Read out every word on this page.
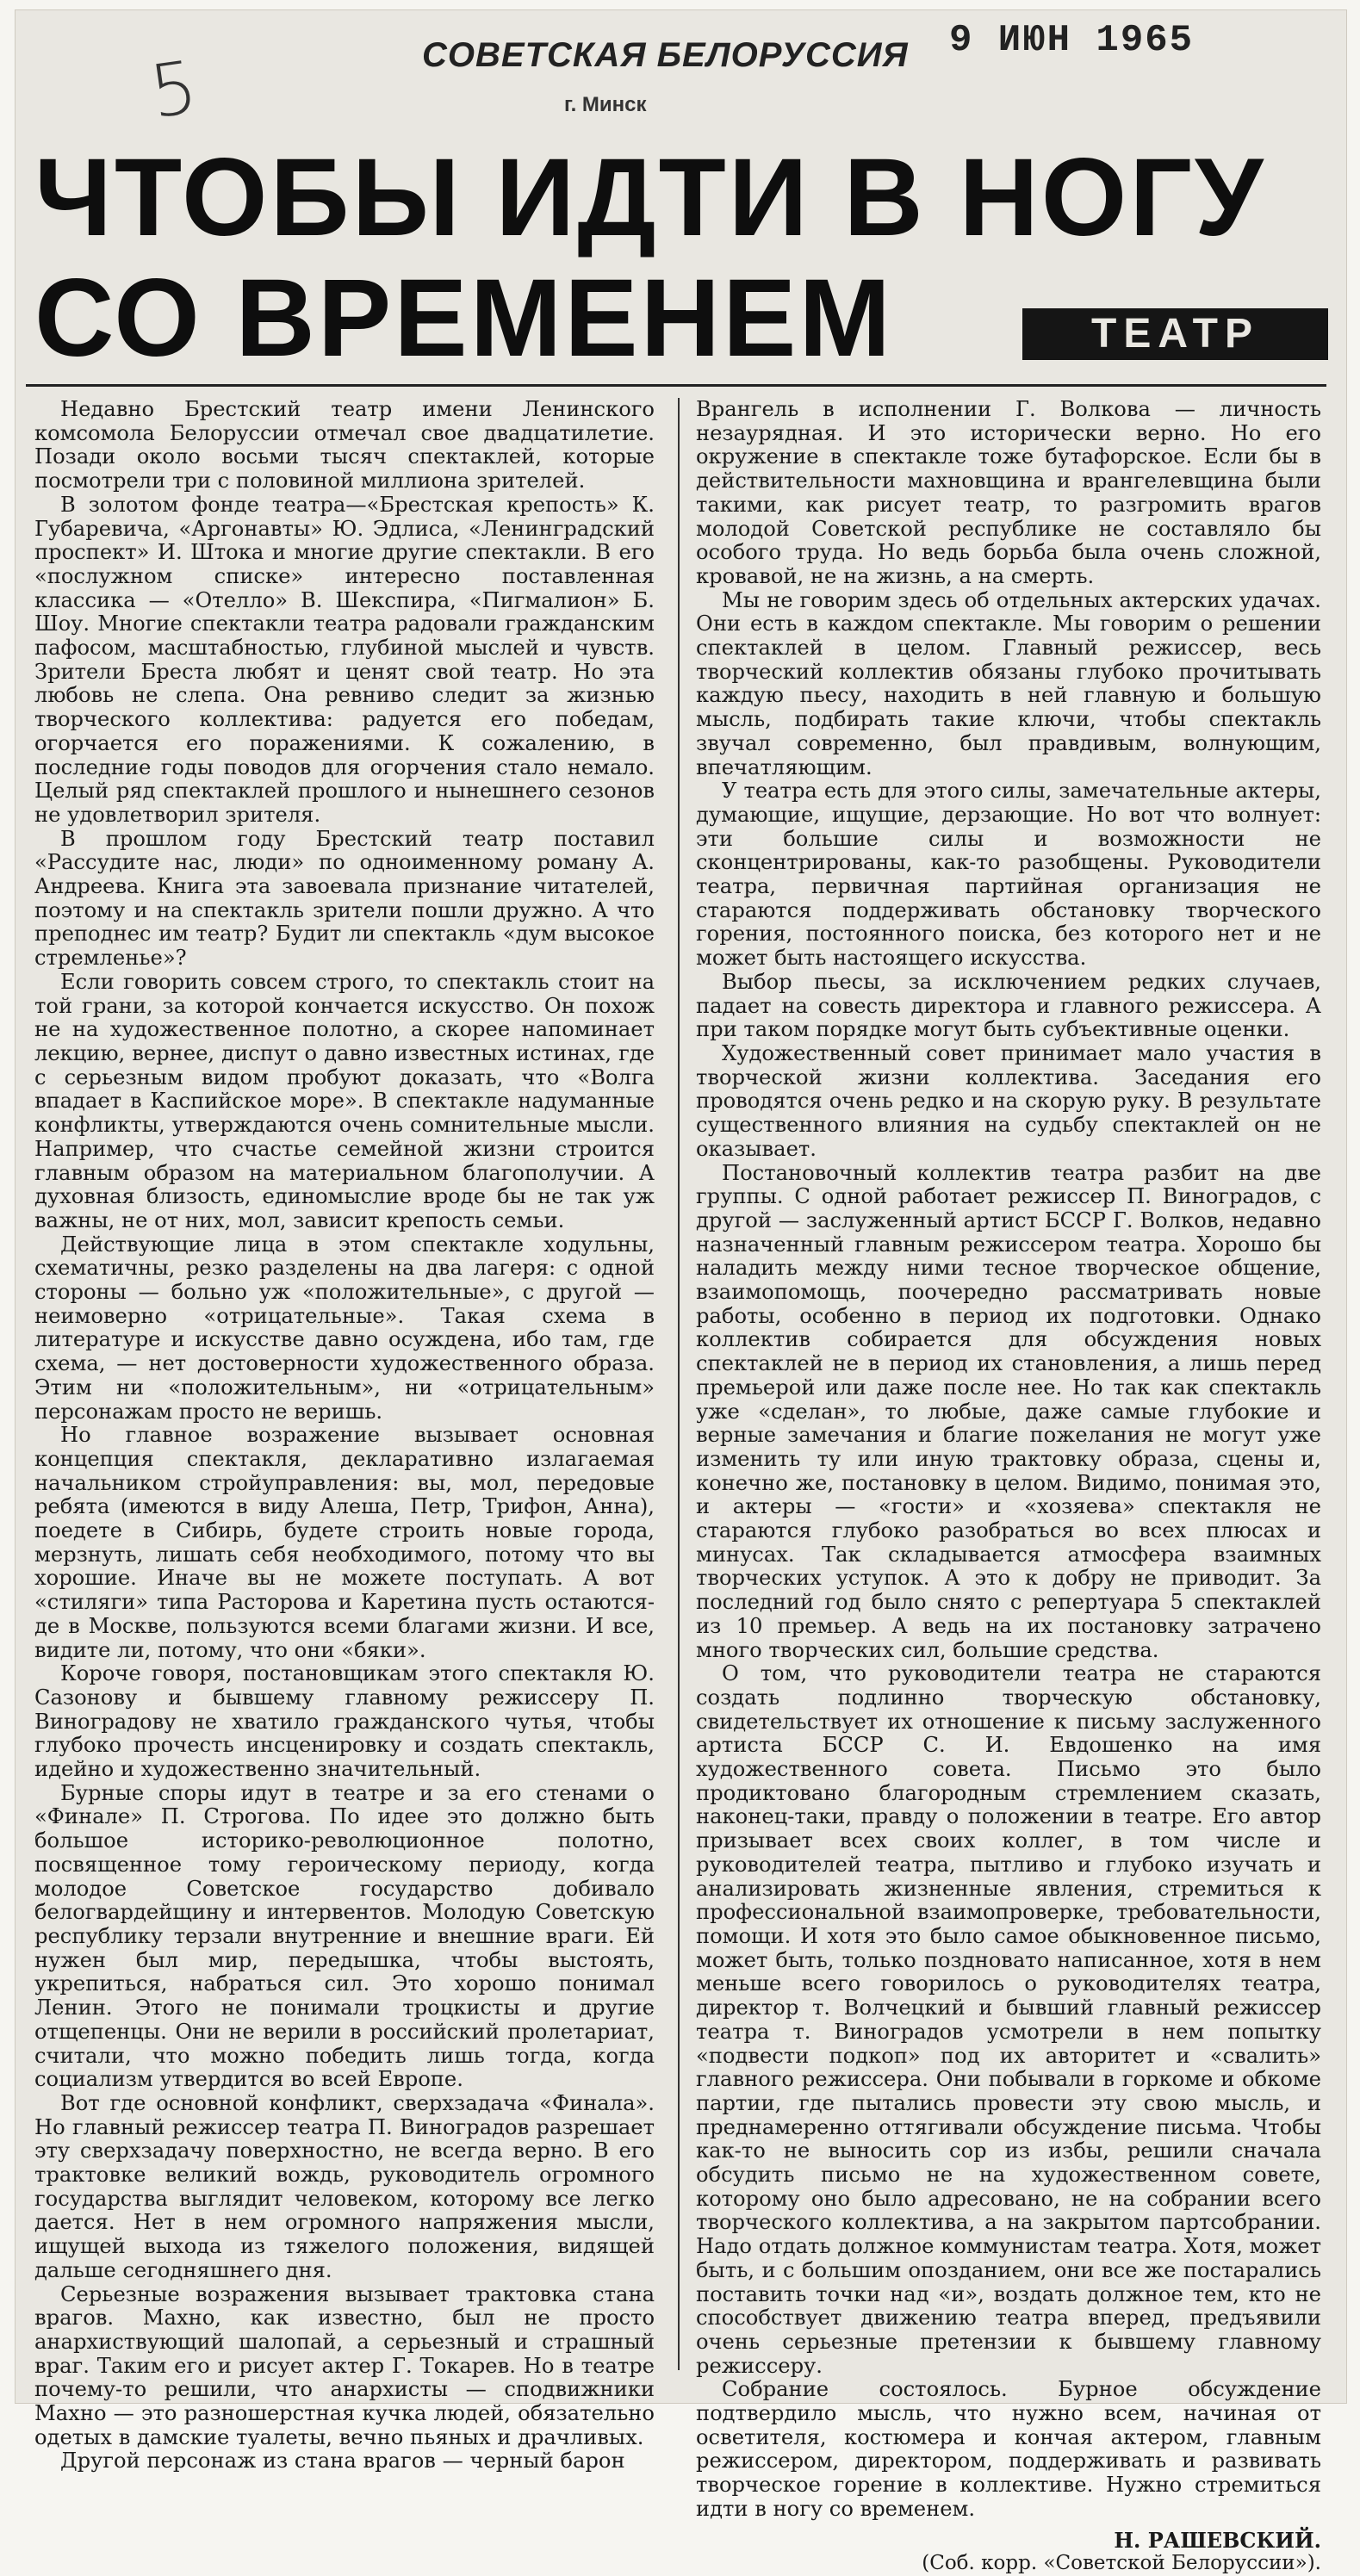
5	СОВЕТСКАЯ БЕЛОРУССИЯ
г. Минск
9 ИЮН 1965
ЧТОБЫ ИДТИ В НОГУ
СО ВРЕМЕНЕМ	ТЕАТР

Недавно Брестский театр имени Ленинского комсомола Белоруссии отмечал свое двадцатилетие. Позади около восьми тысяч спектаклей, которые посмотрели три с половиной миллиона зрителей.

В золотом фонде театра—«Брестская крепость» К. Губаревича, «Аргонавты» Ю. Эдлиса, «Ленинградский проспект» И. Штока и многие другие спектакли. В его «послужном списке» интересно поставленная классика — «Отелло» В. Шекспира, «Пигмалион» Б. Шоу. Многие спектакли театра радовали гражданским пафосом, масштабностью, глубиной мыслей и чувств. Зрители Бреста любят и ценят свой театр. Но эта любовь не слепа. Она ревниво следит за жизнью творческого коллектива: радуется его победам, огорчается его поражениями. К сожалению, в последние годы поводов для огорчения стало немало. Целый ряд спектаклей прошлого и нынешнего сезонов не удовлетворил зрителя.

В прошлом году Брестский театр поставил «Рассудите нас, люди» по одноименному роману А. Андреева. Книга эта завоевала признание читателей, поэтому и на спектакль зрители пошли дружно. А что преподнес им театр? Будит ли спектакль «дум высокое стремленье»?

Если говорить совсем строго, то спектакль стоит на той грани, за которой кончается искусство. Он похож не на художественное полотно, а скорее напоминает лекцию, вернее, диспут о давно известных истинах, где с серьезным видом пробуют доказать, что «Волга впадает в Каспийское море». В спектакле надуманные конфликты, утверждаются очень сомнительные мысли. Например, что счастье семейной жизни строится главным образом на материальном благополучии. А духовная близость, единомыслие вроде бы не так уж важны, не от них, мол, зависит крепость семьи.

Действующие лица в этом спектакле ходульны, схематичны, резко разделены на два лагеря: с одной стороны — больно уж «положительные», с другой — неимоверно «отрицательные». Такая схема в литературе и искусстве давно осуждена, ибо там, где схема, — нет достоверности художественного образа. Этим ни «положительным», ни «отрицательным» персонажам просто не веришь.

Но главное возражение вызывает основная концепция спектакля, декларативно излагаемая начальником стройуправления: вы, мол, передовые ребята (имеются в виду Алеша, Петр, Трифон, Анна), поедете в Сибирь, будете строить новые города, мерзнуть, лишать себя необходимого, потому что вы хорошие. Иначе вы не можете поступать. А вот «стиляги» типа Расторова и Каретина пусть остаются-де в Москве, пользуются всеми благами жизни. И все, видите ли, потому, что они «бяки».

Короче говоря, постановщикам этого спектакля Ю. Сазонову и бывшему главному режиссеру П. Виноградову не хватило гражданского чутья, чтобы глубоко прочесть инсценировку и создать спектакль, идейно и художественно значительный.

Бурные споры идут в театре и за его стенами о «Финале» П. Строгова. По идее это должно быть большое историко-революционное полотно, посвященное тому героическому периоду, когда молодое Советское государство добивало белогвардейщину и интервентов. Молодую Советскую республику терзали внутренние и внешние враги. Ей нужен был мир, передышка, чтобы выстоять, укрепиться, набраться сил. Это хорошо понимал Ленин. Этого не понимали троцкисты и другие отщепенцы. Они не верили в российский пролетариат, считали, что можно победить лишь тогда, когда социализм утвердится во всей Европе.

Вот где основной конфликт, сверхзадача «Финала». Но главный режиссер театра П. Виноградов разрешает эту сверхзадачу поверхностно, не всегда верно. В его трактовке великий вождь, руководитель огромного государства выглядит человеком, которому все легко дается. Нет в нем огромного напряжения мысли, ищущей выхода из тяжелого положения, видящей дальше сегодняшнего дня.

Серьезные возражения вызывает трактовка стана врагов. Махно, как известно, был не просто анархиствующий шалопай, а серьезный и страшный враг. Таким его и рисует актер Г. Токарев. Но в театре почему-то решили, что анархисты — сподвижники Махно — это разношерстная кучка людей, обязательно одетых в дамские туалеты, вечно пьяных и драчливых.

Другой персонаж из стана врагов — черный барон

Врангель в исполнении Г. Волкова — личность незаурядная. И это исторически верно. Но его окружение в спектакле тоже бутафорское. Если бы в действительности махновщина и врангелевщина были такими, как рисует театр, то разгромить врагов молодой Советской республике не составляло бы особого труда. Но ведь борьба была очень сложной, кровавой, не на жизнь, а на смерть.

Мы не говорим здесь об отдельных актерских удачах. Они есть в каждом спектакле. Мы говорим о решении спектаклей в целом. Главный режиссер, весь творческий коллектив обязаны глубоко прочитывать каждую пьесу, находить в ней главную и большую мысль, подбирать такие ключи, чтобы спектакль звучал современно, был правдивым, волнующим, впечатляющим.

У театра есть для этого силы, замечательные актеры, думающие, ищущие, дерзающие. Но вот что волнует: эти большие силы и возможности не сконцентрированы, как-то разобщены. Руководители театра, первичная партийная организация не стараются поддерживать обстановку творческого горения, постоянного поиска, без которого нет и не может быть настоящего искусства.

Выбор пьесы, за исключением редких случаев, падает на совесть директора и главного режиссера. А при таком порядке могут быть субъективные оценки.

Художественный совет принимает мало участия в творческой жизни коллектива. Заседания его проводятся очень редко и на скорую руку. В результате существенного влияния на судьбу спектаклей он не оказывает.

Постановочный коллектив театра разбит на две группы. С одной работает режиссер П. Виноградов, с другой — заслуженный артист БССР Г. Волков, недавно назначенный главным режиссером театра. Хорошо бы наладить между ними тесное творческое общение, взаимопомощь, поочередно рассматривать новые работы, особенно в период их подготовки. Однако коллектив собирается для обсуждения новых спектаклей не в период их становления, а лишь перед премьерой или даже после нее. Но так как спектакль уже «сделан», то любые, даже самые глубокие и верные замечания и благие пожелания не могут уже изменить ту или иную трактовку образа, сцены и, конечно же, постановку в целом. Видимо, понимая это, и актеры — «гости» и «хозяева» спектакля не стараются глубоко разобраться во всех плюсах и минусах. Так складывается атмосфера взаимных творческих уступок. А это к добру не приводит. За последний год было снято с репертуара 5 спектаклей из 10 премьер. А ведь на их постановку затрачено много творческих сил, большие средства.

О том, что руководители театра не стараются создать подлинно творческую обстановку, свидетельствует их отношение к письму заслуженного артиста БССР С. И. Евдошенко на имя художественного совета. Письмо это было продиктовано благородным стремлением сказать, наконец-таки, правду о положении в театре. Его автор призывает всех своих коллег, в том числе и руководителей театра, пытливо и глубоко изучать и анализировать жизненные явления, стремиться к профессиональной взаимопроверке, требовательности, помощи. И хотя это было самое обыкновенное письмо, может быть, только поздновато написанное, хотя в нем меньше всего говорилось о руководителях театра, директор т. Волчецкий и бывший главный режиссер театра т. Виноградов усмотрели в нем попытку «подвести подкоп» под их авторитет и «свалить» главного режиссера. Они побывали в горкоме и обкоме партии, где пытались провести эту свою мысль, и преднамеренно оттягивали обсуждение письма. Чтобы как-то не выносить сор из избы, решили сначала обсудить письмо не на художественном совете, которому оно было адресовано, не на собрании всего творческого коллектива, а на закрытом партсобрании. Надо отдать должное коммунистам театра. Хотя, может быть, и с большим опозданием, они все же постарались поставить точки над «и», воздать должное тем, кто не способствует движению театра вперед, предъявили очень серьезные претензии к бывшему главному режиссеру.

Собрание состоялось. Бурное обсуждение подтвердило мысль, что нужно всем, начиная от осветителя, костюмера и кончая актером, главным режиссером, директором, поддерживать и развивать творческое горение в коллективе. Нужно стремиться идти в ногу со временем.

Н. РАШЕВСКИЙ.
(Соб. корр. «Советской Белоруссии»).
